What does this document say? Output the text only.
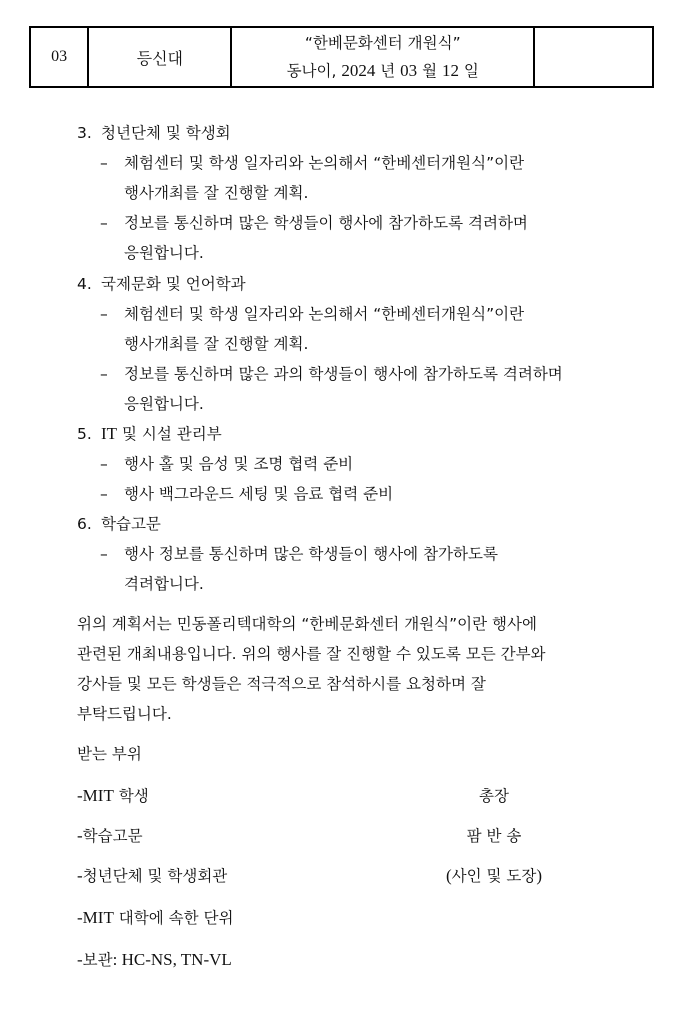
03	등신대	
“한베문화센터 개원식”
동나이, 2024 년 03 월 12 일

3. 청년단체 및 학생회
– 체험센터 및 학생 일자리와 논의해서 “한베센터개원식”이란
행사개최를 잘 진행할 계획.
– 정보를 통신하며 많은 학생들이 행사에 참가하도록 격려하며
응원합니다.
4. 국제문화 및 언어학과
– 체험센터 및 학생 일자리와 논의해서 “한베센터개원식”이란
행사개최를 잘 진행할 계획.
– 정보를 통신하며 많은 과의 학생들이 행사에 참가하도록 격려하며
응원합니다.
5. IT 및 시설 관리부
– 행사 홀 및 음성 및 조명 협력 준비
– 행사 백그라운드 세팅 및 음료 협력 준비
6. 학습고문
– 행사 정보를 통신하며 많은 학생들이 행사에 참가하도록
격려합니다.
위의 계획서는 민동폴리텍대학의 “한베문화센터 개원식”이란 행사에
관련된 개최내용입니다. 위의 행사를 잘 진행할 수 있도록 모든 간부와
강사들 및 모든 학생들은 적극적으로 참석하시를 요청하며 잘
부탁드립니다.
받는 부위
-MIT 학생
-학습고문
-청년단체 및 학생회관
-MIT 대학에 속한 단위
-보관: HC-NS, TN-VL
총장
팜 반 송
(사인 및 도장)
